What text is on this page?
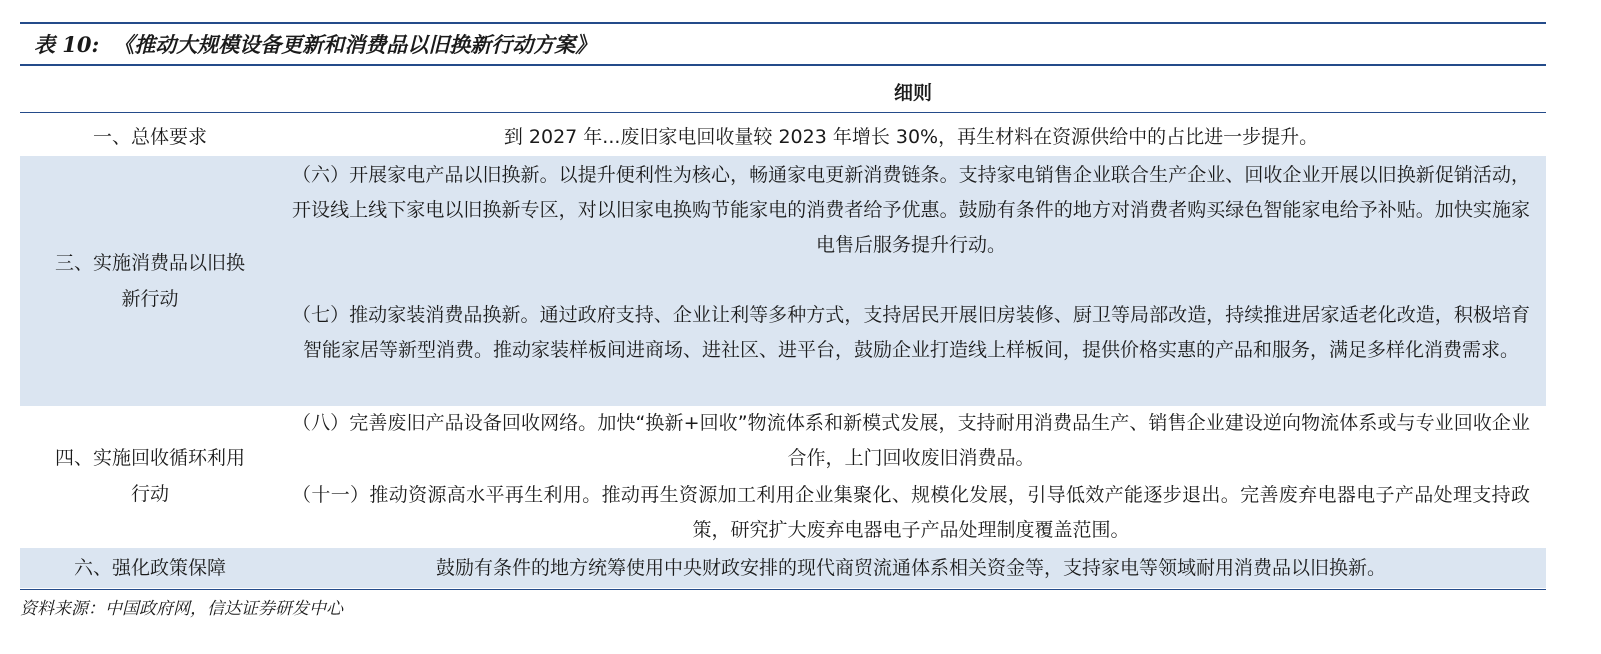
表 10: 《推动大规模设备更新和消费品以旧换新行动方案》
细则
一、总体要求	到 2027 年...废旧家电回收量较 2023 年增长 30%，再生材料在资源供给中的占比进一步提升。

三、实施消费品以旧换新行动

（六）开展家电产品以旧换新。以提升便利性为核心，畅通家电更新消费链条。支持家电销售企业联合生产企业、回收企业开展以旧换新促销活动，开设线上线下家电以旧换新专区，对以旧家电换购节能家电的消费者给予优惠。鼓励有条件的地方对消费者购买绿色智能家电给予补贴。加快实施家电售后服务提升行动。

（七）推动家装消费品换新。通过政府支持、企业让利等多种方式，支持居民开展旧房装修、厨卫等局部改造，持续推进居家适老化改造，积极培育智能家居等新型消费。推动家装样板间进商场、进社区、进平台，鼓励企业打造线上样板间，提供价格实惠的产品和服务，满足多样化消费需求。

四、实施回收循环利用行动

（八）完善废旧产品设备回收网络。加快“换新+回收”物流体系和新模式发展，支持耐用消费品生产、销售企业建设逆向物流体系或与专业回收企业合作，上门回收废旧消费品。

（十一）推动资源高水平再生利用。推动再生资源加工利用企业集聚化、规模化发展，引导低效产能逐步退出。完善废弃电器电子产品处理支持政策，研究扩大废弃电器电子产品处理制度覆盖范围。

六、强化政策保障	鼓励有条件的地方统筹使用中央财政安排的现代商贸流通体系相关资金等，支持家电等领域耐用消费品以旧换新。

资料来源：中国政府网，信达证券研发中心
